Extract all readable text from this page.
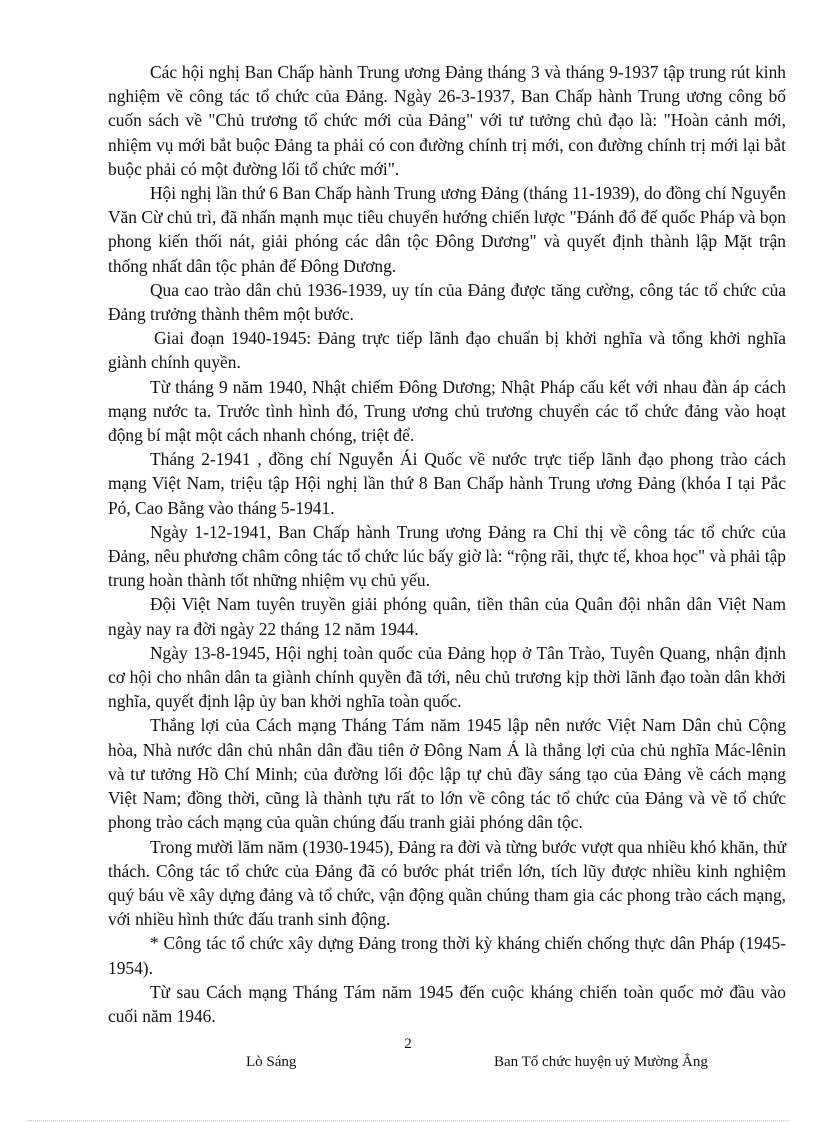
Các hội nghị Ban Chấp hành Trung ương Đảng tháng 3 và tháng 9-1937 tập trung rút kinh nghiệm về công tác tổ chức của Đảng. Ngày 26-3-1937, Ban Chấp hành Trung ương công bố cuốn sách về "Chủ trương tổ chức mới của Đảng" với tư tưởng chủ đạo là: "Hoàn cảnh mới, nhiệm vụ mới bắt buộc Đảng ta phải có con đường chính trị mới, con đường chính trị mới lại bắt buộc phải có một đường lối tổ chức mới".

Hội nghị lần thứ 6 Ban Chấp hành Trung ương Đảng (tháng 11-1939), do đồng chí Nguyễn Văn Cừ chủ trì, đã nhấn mạnh mục tiêu chuyển hướng chiến lược "Đánh đổ đế quốc Pháp và bọn phong kiến thối nát, giải phóng các dân tộc Đông Dương" và quyết định thành lập Mặt trận thống nhất dân tộc phản đế Đông Dương.

Qua cao trào dân chủ 1936-1939, uy tín của Đảng được tăng cường, công tác tổ chức của Đảng trưởng thành thêm một bước.

Giai đoạn 1940-1945: Đảng trực tiếp lãnh đạo chuẩn bị khởi nghĩa và tổng khởi nghĩa giành chính quyền.

Từ tháng 9 năm 1940, Nhật chiếm Đông Dương; Nhật Pháp cấu kết với nhau đàn áp cách mạng nước ta. Trước tình hình đó, Trung ương chủ trương chuyển các tổ chức đảng vào hoạt động bí mật một cách nhanh chóng, triệt để.

Tháng 2-1941 , đồng chí Nguyễn Ái Quốc về nước trực tiếp lãnh đạo phong trào cách mạng Việt Nam, triệu tập Hội nghị lần thứ 8 Ban Chấp hành Trung ương Đảng (khóa I tại Pắc Pó, Cao Bằng vào tháng 5-1941.

Ngày 1-12-1941, Ban Chấp hành Trung ương Đảng ra Chỉ thị về công tác tổ chức của Đảng, nêu phương châm công tác tổ chức lúc bấy giờ là: “rộng rãi, thực tế, khoa học" và phải tập trung hoàn thành tốt những nhiệm vụ chủ yếu.

Đội Việt Nam tuyên truyền giải phóng quân, tiền thân của Quân đội nhân dân Việt Nam ngày nay ra đời ngày 22 tháng 12 năm 1944.

Ngày 13-8-1945, Hội nghị toàn quốc của Đảng họp ở Tân Trào, Tuyên Quang, nhận định cơ hội cho nhân dân ta giành chính quyền đã tới, nêu chủ trương kịp thời lãnh đạo toàn dân khởi nghĩa, quyết định lập ủy ban khởi nghĩa toàn quốc.

Thắng lợi của Cách mạng Tháng Tám năm 1945 lập nên nước Việt Nam Dân chủ Cộng hòa, Nhà nước dân chủ nhân dân đầu tiên ở Đông Nam Á là thắng lợi của chủ nghĩa Mác-lênin và tư tưởng Hồ Chí Minh; của đường lối độc lập tự chủ đầy sáng tạo của Đảng về cách mạng Việt Nam; đồng thời, cũng là thành tựu rất to lớn về công tác tổ chức của Đảng và về tổ chức phong trào cách mạng của quần chúng đấu tranh giải phóng dân tộc.

Trong mười lăm năm (1930-1945), Đảng ra đời và từng bước vượt qua nhiều khó khăn, thử thách. Công tác tổ chức của Đảng đã có bước phát triển lớn, tích lũy được nhiều kinh nghiệm quý báu về xây dựng đảng và tổ chức, vận động quần chúng tham gia các phong trào cách mạng, với nhiều hình thức đấu tranh sinh động.

* Công tác tổ chức xây dựng Đảng trong thời kỳ kháng chiến chống thực dân Pháp (1945-1954).

Từ sau Cách mạng Tháng Tám năm 1945 đến cuộc kháng chiến toàn quốc mở đầu vào cuối năm 1946.

2
Lò Sáng	Ban Tổ chức huyện uỷ Mường Ẳng
